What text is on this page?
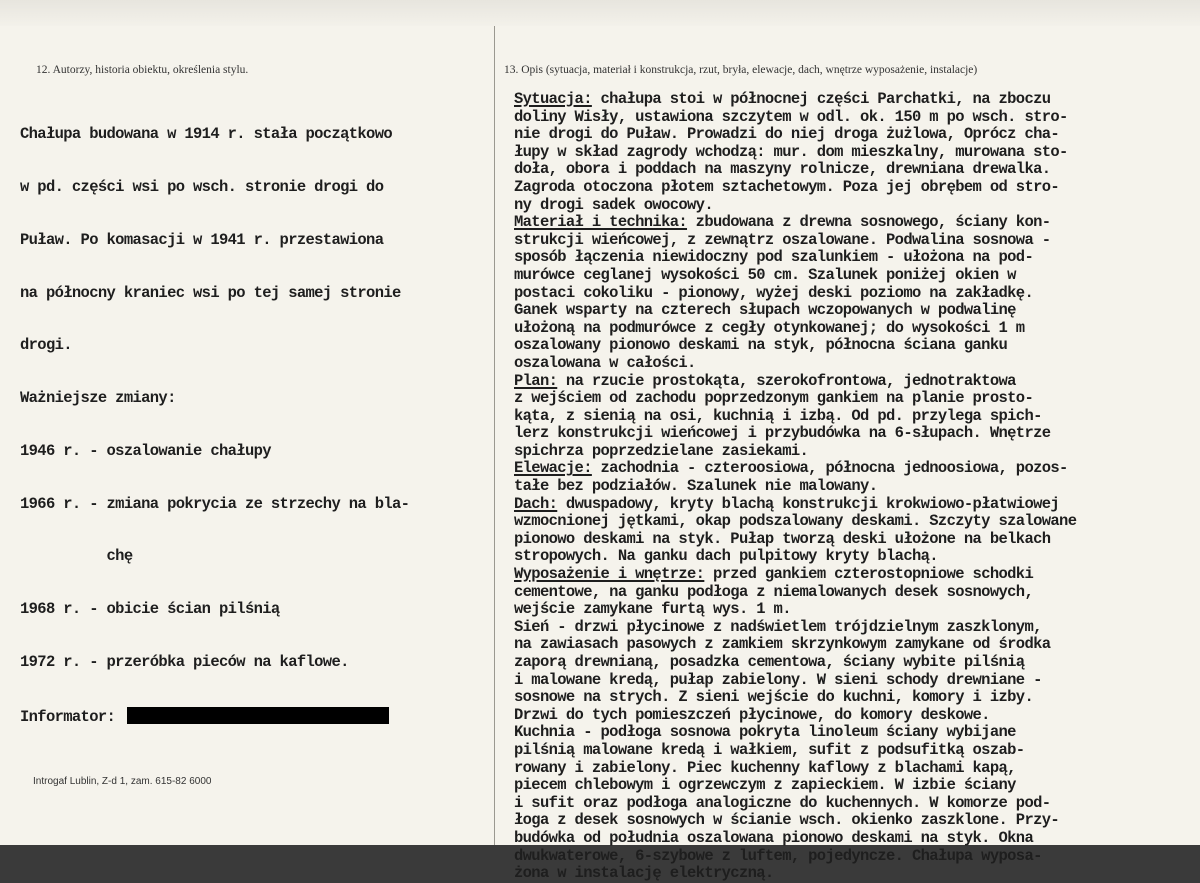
12. Autorzy, historia obiektu, określenia stylu.	13. Opis (sytuacja, materiał i konstrukcja, rzut, bryła, elewacje, dach, wnętrze wyposażenie, instalacje)

Chałupa budowana w 1914 r. stała początkowo

w pd. części wsi po wsch. stronie drogi do

Puław. Po komasacji w 1941 r. przestawiona

na północny kraniec wsi po tej samej stronie

drogi.

Ważniejsze zmiany:

1946 r. - oszalowanie chałupy

1966 r. - zmiana pokrycia ze strzechy na bla-

chę

1968 r. - obicie ścian pilśnią

1972 r. - przeróbka pieców na kaflowe.

Informator:

Sytuacja: chałupa stoi w północnej części Parchatki, na zboczu
doliny Wisły, ustawiona szczytem w odl. ok. 150 m po wsch. stro-
nie drogi do Puław. Prowadzi do niej droga żużlowa, Oprócz cha-
łupy w skład zagrody wchodzą: mur. dom mieszkalny, murowana sto-
doła, obora i poddach na maszyny rolnicze, drewniana drewalka.
Zagroda otoczona płotem sztachetowym. Poza jej obrębem od stro-
ny drogi sadek owocowy.
Materiał i technika: zbudowana z drewna sosnowego, ściany kon-
strukcji wieńcowej, z zewnątrz oszalowane. Podwalina sosnowa -
sposób łączenia niewidoczny pod szalunkiem - ułożona na pod-
murówce ceglanej wysokości 50 cm. Szalunek poniżej okien w
postaci cokoliku - pionowy, wyżej deski poziomo na zakładkę.
Ganek wsparty na czterech słupach wczopowanych w podwalinę
ułożoną na podmurówce z cegły otynkowanej; do wysokości 1 m
oszalowany pionowo deskami na styk, północna ściana ganku
oszalowana w całości.
Plan: na rzucie prostokąta, szerokofrontowa, jednotraktowa
z wejściem od zachodu poprzedzonym gankiem na planie prosto-
kąta, z sienią na osi, kuchnią i izbą. Od pd. przylega spich-
lerz konstrukcji wieńcowej i przybudówka na 6-słupach. Wnętrze
spichrza poprzedzielane zasiekami.
Elewacje: zachodnia - czteroosiowa, północna jednoosiowa, pozos-
tałe bez podziałów. Szalunek nie malowany.
Dach: dwuspadowy, kryty blachą konstrukcji krokwiowo-płatwiowej
wzmocnionej jętkami, okap podszalowany deskami. Szczyty szalowane
pionowo deskami na styk. Pułap tworzą deski ułożone na belkach
stropowych. Na ganku dach pulpitowy kryty blachą.
Wyposażenie i wnętrze: przed gankiem czterostopniowe schodki
cementowe, na ganku podłoga z niemalowanych desek sosnowych,
wejście zamykane furtą wys. 1 m.
Sień - drzwi płycinowe z nadświetlem trójdzielnym zaszklonym,
na zawiasach pasowych z zamkiem skrzynkowym zamykane od środka
zaporą drewnianą, posadzka cementowa, ściany wybite pilśnią
i malowane kredą, pułap zabielony. W sieni schody drewniane -
sosnowe na strych. Z sieni wejście do kuchni, komory i izby.
Drzwi do tych pomieszczeń płycinowe, do komory deskowe.
Kuchnia - podłoga sosnowa pokryta linoleum ściany wybijane
pilśnią malowane kredą i wałkiem, sufit z podsufitką oszab-
rowany i zabielony. Piec kuchenny kaflowy z blachami kapą,
piecem chlebowym i ogrzewczym z zapieckiem. W izbie ściany
i sufit oraz podłoga analogiczne do kuchennych. W komorze pod-
łoga z desek sosnowych w ścianie wsch. okienko zaszklone. Przy-
budówka od południa oszalowana pionowo deskami na styk. Okna
dwukwaterowe, 6-szybowe z luftem, pojedyncze. Chałupa wyposa-
żona w instalację elektryczną.
Introgaf Lublin, Z-d 1, zam. 615-82 6000
